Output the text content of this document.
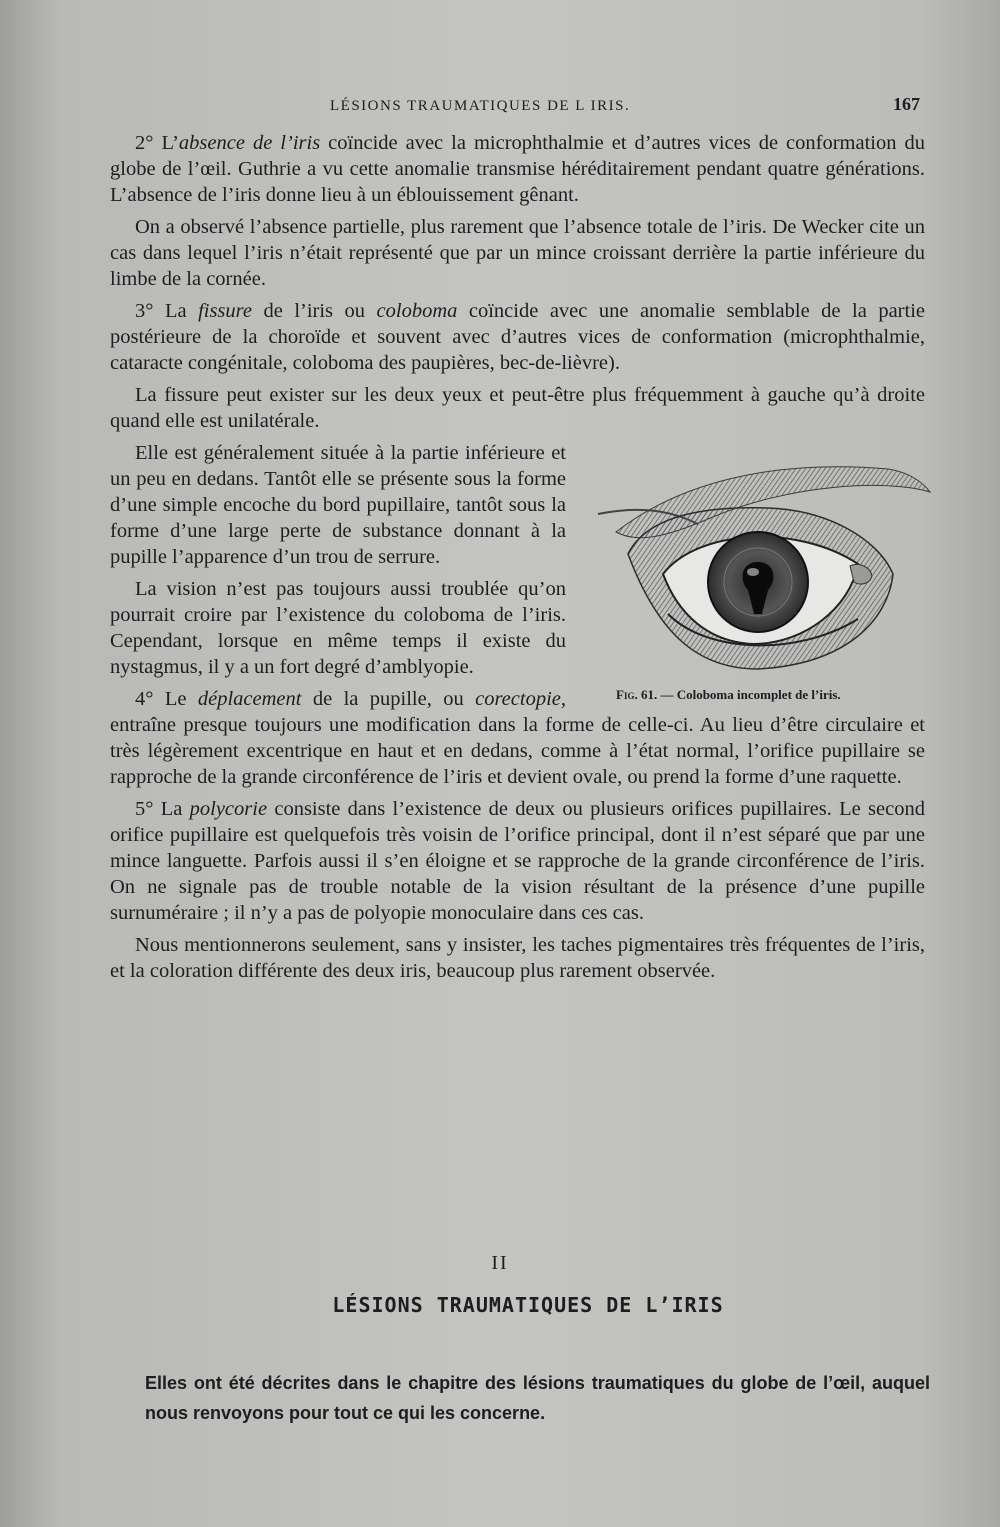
LÉSIONS TRAUMATIQUES DE L IRIS.	167

2° L’absence de l’iris coïncide avec la microphthalmie et d’autres vices de conformation du globe de l’œil. Guthrie a vu cette anomalie transmise héréditairement pendant quatre générations. L’absence de l’iris donne lieu à un éblouissement gênant.

On a observé l’absence partielle, plus rarement que l’absence totale de l’iris. De Wecker cite un cas dans lequel l’iris n’était représenté que par un mince croissant derrière la partie inférieure du limbe de la cornée.

3° La fissure de l’iris ou coloboma coïncide avec une anomalie semblable de la partie postérieure de la choroïde et souvent avec d’autres vices de conformation (microphthalmie, cataracte congénitale, coloboma des paupières, bec-de-lièvre).

La fissure peut exister sur les deux yeux et peut-être plus fréquemment à gauche qu’à droite quand elle est unilatérale.

Fig. 61. — Coloboma incomplet de l’iris.

Elle est généralement située à la partie inférieure et un peu en dedans. Tantôt elle se présente sous la forme d’une simple encoche du bord pupillaire, tantôt sous la forme d’une large perte de substance donnant à la pupille l’apparence d’un trou de serrure.

La vision n’est pas toujours aussi troublée qu’on pourrait croire par l’existence du coloboma de l’iris. Cependant, lorsque en même temps il existe du nystagmus, il y a un fort degré d’amblyopie.

4° Le déplacement de la pupille, ou corectopie, entraîne presque toujours une modification dans la forme de celle-ci. Au lieu d’être circulaire et très légèrement excentrique en haut et en dedans, comme à l’état normal, l’orifice pupillaire se rapproche de la grande circonférence de l’iris et devient ovale, ou prend la forme d’une raquette.

5° La polycorie consiste dans l’existence de deux ou plusieurs orifices pupillaires. Le second orifice pupillaire est quelquefois très voisin de l’orifice principal, dont il n’est séparé que par une mince languette. Parfois aussi il s’en éloigne et se rapproche de la grande circonférence de l’iris. On ne signale pas de trouble notable de la vision résultant de la présence d’une pupille surnuméraire ; il n’y a pas de polyopie monoculaire dans ces cas.

Nous mentionnerons seulement, sans y insister, les taches pigmentaires très fréquentes de l’iris, et la coloration différente des deux iris, beaucoup plus rarement observée.

II
LÉSIONS TRAUMATIQUES DE L’IRIS

Elles ont été décrites dans le chapitre des lésions traumatiques du globe de l’œil, auquel nous renvoyons pour tout ce qui les concerne.
